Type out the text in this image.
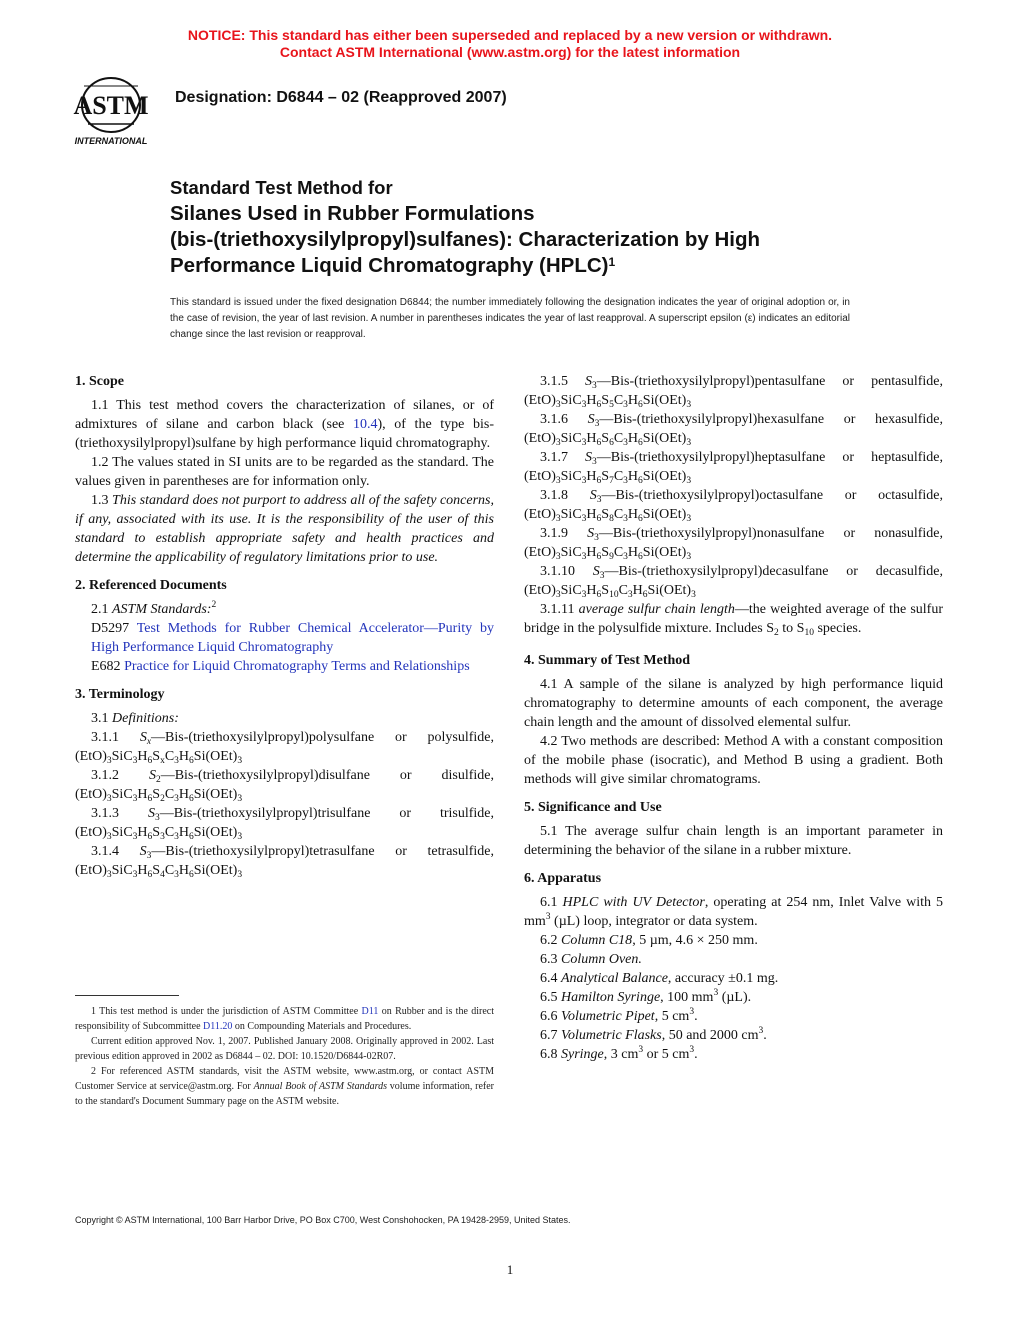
NOTICE: This standard has either been superseded and replaced by a new version or withdrawn.
Contact ASTM International (www.astm.org) for the latest information
ASTM
INTERNATIONAL
Designation: D6844 – 02 (Reapproved 2007)
Standard Test Method for
Silanes Used in Rubber Formulations
(bis-(triethoxysilylpropyl)sulfanes): Characterization by High
Performance Liquid Chromatography (HPLC)$^1$
This standard is issued under the fixed designation D6844; the number immediately following the designation indicates the year of original adoption or, in the case of revision, the year of last revision. A number in parentheses indicates the year of last reapproval. A superscript epsilon (ε) indicates an editorial change since the last revision or reapproval.
1. Scope

1.1 This test method covers the characterization of silanes, or of admixtures of silane and carbon black (see 10.4), of the type bis-(triethoxysilylpropyl)sulfane by high performance liquid chromatography.

1.2 The values stated in SI units are to be regarded as the standard. The values given in parentheses are for information only.

1.3 This standard does not purport to address all of the safety concerns, if any, associated with its use. It is the responsibility of the user of this standard to establish appropriate safety and health practices and determine the applicability of regulatory limitations prior to use.

2. Referenced Documents

2.1 ASTM Standards:$^2$

D5297 Test Methods for Rubber Chemical Accelerator—Purity by High Performance Liquid Chromatography

E682 Practice for Liquid Chromatography Terms and Relationships

3. Terminology

3.1 Definitions:

3.1.1 $S_x—Bis-(triethoxysilylpropyl)polysulfane$ or polysulfide, $(EtO)_3SiC_3H_6S_xC_3H_6Si(OEt)_3$

3.1.2 $S_2—Bis-(triethoxysilylpropyl)disulfane$ or disulfide, $(EtO)_3SiC_3H_6S_2C_3H_6Si(OEt)_3$

3.1.3 $S_3—Bis-(triethoxysilylpropyl)trisulfane$ or trisulfide, $(EtO)_3SiC_3H_6S_3C_3H_6Si(OEt)_3$

3.1.4 $S_3—Bis-(triethoxysilylpropyl)tetrasulfane$ or tetrasulfide, $(EtO)_3SiC_3H_6S_4C_3H_6Si(OEt)_3$

3.1.5 $S_3—Bis-(triethoxysilylpropyl)pentasulfane$ or pentasulfide, $(EtO)_3SiC_3H_6S_5C_3H_6Si(OEt)_3$

3.1.6 $S_3—Bis-(triethoxysilylpropyl)hexasulfane$ or hexasulfide, $(EtO)_3SiC_3H_6S_6C_3H_6Si(OEt)_3$

3.1.7 $S_3—Bis-(triethoxysilylpropyl)heptasulfane$ or heptasulfide, $(EtO)_3SiC_3H_6S_7C_3H_6Si(OEt)_3$

3.1.8 $S_3—Bis-(triethoxysilylpropyl)octasulfane$ or octasulfide, $(EtO)_3SiC_3H_6S_8C_3H_6Si(OEt)_3$

3.1.9 $S_3—Bis-(triethoxysilylpropyl)nonasulfane$ or nonasulfide, $(EtO)_3SiC_3H_6S_9C_3H_6Si(OEt)_3$

3.1.10 $S_3—Bis-(triethoxysilylpropyl)decasulfane$ or decasulfide, $(EtO)_3SiC_3H_6S_{10}C_3H_6Si(OEt)_3$

3.1.11 average sulfur chain length—the weighted average of the sulfur bridge in the polysulfide mixture. Includes $S_2$ to $S_{10}$ species.

4. Summary of Test Method

4.1 A sample of the silane is analyzed by high performance liquid chromatography to determine amounts of each component, the average chain length and the amount of dissolved elemental sulfur.

4.2 Two methods are described: Method A with a constant composition of the mobile phase (isocratic), and Method B using a gradient. Both methods will give similar chromatograms.

5. Significance and Use

5.1 The average sulfur chain length is an important parameter in determining the behavior of the silane in a rubber mixture.

6. Apparatus

6.1 HPLC with UV Detector, operating at 254 nm, Inlet Valve with 5 $mm^3$ (µL) loop, integrator or data system.

6.2 Column C18, 5 µm, 4.6 × 250 mm.

6.3 Column Oven.

6.4 Analytical Balance, accuracy ±0.1 mg.

6.5 Hamilton Syringe, 100 $mm^3$ (µL).

6.6 Volumetric Pipet, 5 $cm^3$.

6.7 Volumetric Flasks, 50 and 2000 $cm^3$.

6.8 Syringe, 3 $cm^3$ or 5 $cm^3$.

1 This test method is under the jurisdiction of ASTM Committee D11 on Rubber and is the direct responsibility of Subcommittee D11.20 on Compounding Materials and Procedures.

Current edition approved Nov. 1, 2007. Published January 2008. Originally approved in 2002. Last previous edition approved in 2002 as D6844 – 02. DOI: 10.1520/D6844-02R07.

2 For referenced ASTM standards, visit the ASTM website, www.astm.org, or contact ASTM Customer Service at service@astm.org. For Annual Book of ASTM Standards volume information, refer to the standard's Document Summary page on the ASTM website.

Copyright © ASTM International, 100 Barr Harbor Drive, PO Box C700, West Conshohocken, PA 19428-2959, United States.
1
